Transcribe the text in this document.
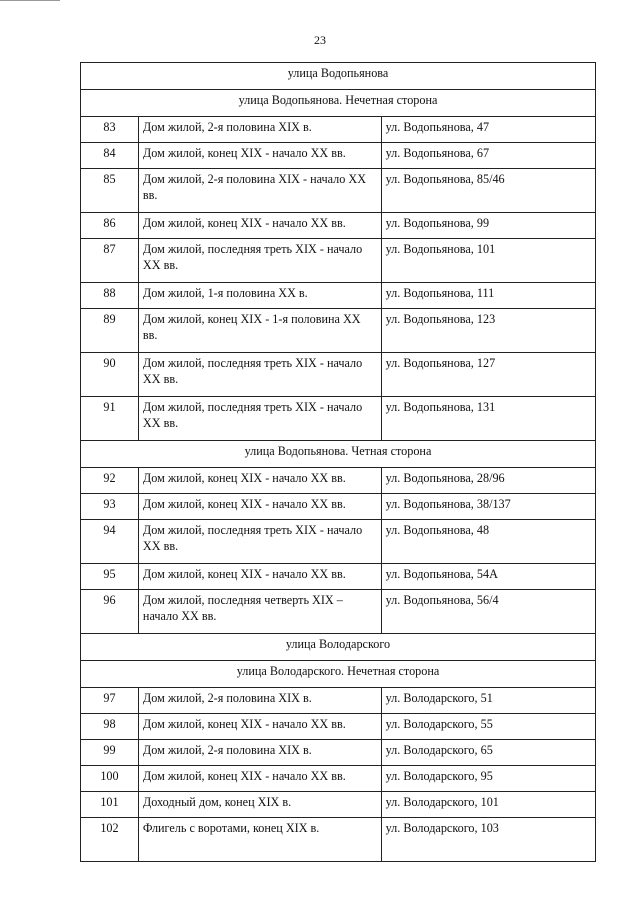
23
улица Водопьянова		
улица Водопьянова. Нечетная сторона		
83	Дом жилой, 2-я половина XIX в.	ул. Водопьянова, 47
84	Дом жилой, конец XIX - начало XX вв.	ул. Водопьянова, 67
85	Дом жилой, 2-я половина XIX - начало XX вв.	ул. Водопьянова, 85/46
86	Дом жилой, конец XIX - начало XX вв.	ул. Водопьянова, 99
87	Дом жилой, последняя треть XIX - начало XX вв.	ул. Водопьянова, 101
88	Дом жилой, 1-я половина XX в.	ул. Водопьянова, 111
89	Дом жилой, конец XIX - 1-я половина XX вв.	ул. Водопьянова, 123
90	Дом жилой, последняя треть XIX - начало XX вв.	ул. Водопьянова, 127
91	Дом жилой, последняя треть XIX - начало XX вв.	ул. Водопьянова, 131
улица Водопьянова. Четная сторона		
92	Дом жилой, конец XIX - начало XX вв.	ул. Водопьянова, 28/96
93	Дом жилой, конец XIX - начало XX вв.	ул. Водопьянова, 38/137
94	Дом жилой, последняя треть XIX - начало XX вв.	ул. Водопьянова, 48
95	Дом жилой, конец XIX - начало XX вв.	ул. Водопьянова, 54А
96	Дом жилой, последняя четверть XIX – начало XX вв.	ул. Водопьянова, 56/4
улица Володарского		
улица Володарского. Нечетная сторона		
97	Дом жилой, 2-я половина XIX в.	ул. Володарского, 51
98	Дом жилой, конец XIX - начало XX вв.	ул. Володарского, 55
99	Дом жилой, 2-я половина XIX в.	ул. Володарского, 65
100	Дом жилой, конец XIX - начало XX вв.	ул. Володарского, 95
101	Доходный дом, конец XIX в.	ул. Володарского, 101
102	Флигель с воротами, конец XIX в.	ул. Володарского, 103
